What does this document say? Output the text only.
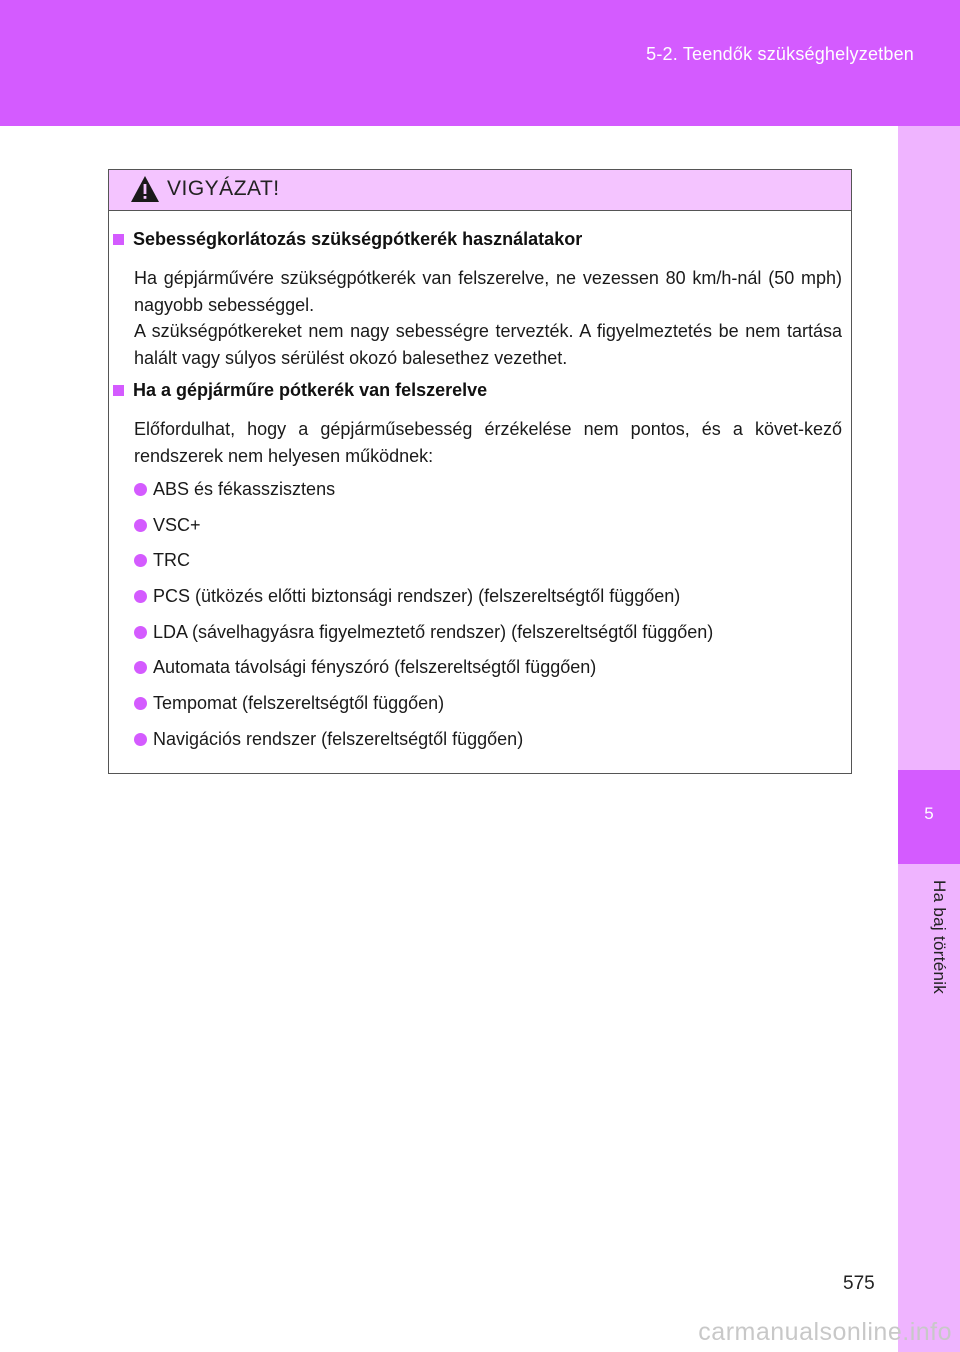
5-2. Teendők szükséghelyzetben
5
Ha baj történik
VIGYÁZAT!
Sebességkorlátozás szükségpótkerék használatakor
Ha gépjárművére szükségpótkerék van felszerelve, ne vezessen 80 km/h-nál (50 mph) nagyobb sebességgel.
A szükségpótkereket nem nagy sebességre tervezték. A figyelmeztetés be nem tartása halált vagy súlyos sérülést okozó balesethez vezethet.
Ha a gépjárműre pótkerék van felszerelve
Előfordulhat, hogy a gépjárműsebesség érzékelése nem pontos, és a követ-kező rendszerek nem helyesen működnek:
ABS és fékasszisztens
VSC+
TRC
PCS (ütközés előtti biztonsági rendszer) (felszereltségtől függően)
LDA (sávelhagyásra figyelmeztető rendszer) (felszereltségtől függően)
Automata távolsági fényszóró (felszereltségtől függően)
Tempomat (felszereltségtől függően)
Navigációs rendszer (felszereltségtől függően)
575
carmanualsonline.info
